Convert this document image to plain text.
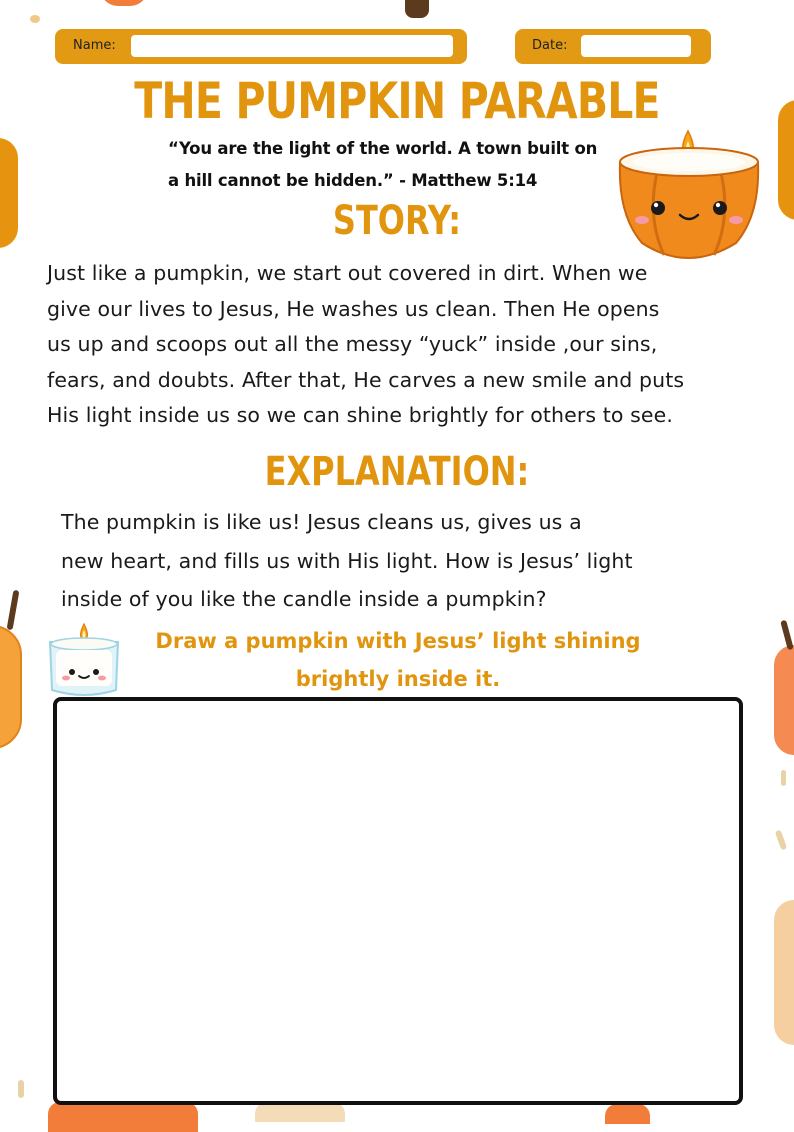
Name:	Date:
THE PUMPKIN PARABLE
“You are the light of the world. A town built on
a hill cannot be hidden.” - Matthew 5:14
STORY:
Just like a pumpkin, we start out covered in dirt. When we
give our lives to Jesus, He washes us clean. Then He opens
us up and scoops out all the messy “yuck” inside ,our sins,
fears, and doubts. After that, He carves a new smile and puts
His light inside us so we can shine brightly for others to see.
EXPLANATION:
The pumpkin is like us! Jesus cleans us, gives us a
new heart, and fills us with His light. How is Jesus’ light
inside of you like the candle inside a pumpkin?
Draw a pumpkin with Jesus’ light shining
brightly inside it.
